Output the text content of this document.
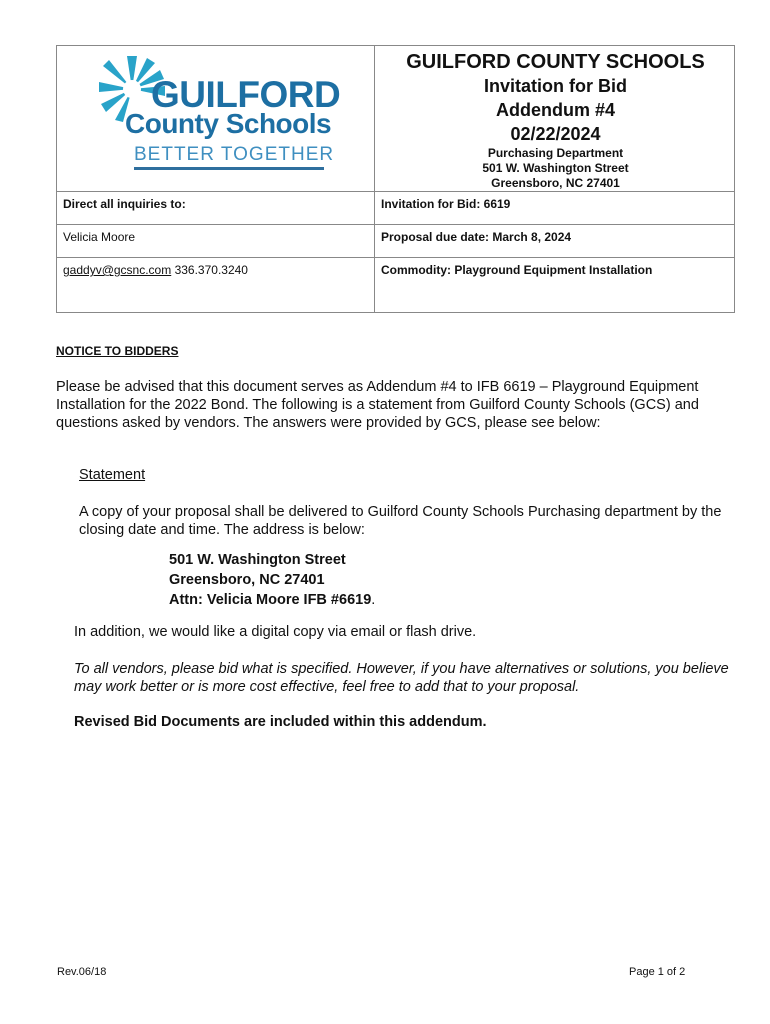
GUILFORD
County Schools
BETTER TOGETHER
GUILFORD COUNTY SCHOOLS
Invitation for Bid
Addendum #4
02/22/2024
Purchasing Department
501 W. Washington Street
Greensboro, NC 27401
Direct all inquiries to:	Invitation for Bid: 6619
Velicia Moore	Proposal due date: March 8, 2024
gaddyv@gcsnc.com 336.370.3240	Commodity: Playground Equipment Installation
NOTICE TO BIDDERS
Please be advised that this document serves as Addendum #4 to IFB 6619 – Playground Equipment Installation for the 2022 Bond. The following is a statement from Guilford County Schools (GCS) and questions asked by vendors. The answers were provided by GCS, please see below:
Statement
A copy of your proposal shall be delivered to Guilford County Schools Purchasing department by the closing date and time. The address is below:
501 W. Washington Street
Greensboro, NC 27401
Attn: Velicia Moore IFB #6619.
In addition, we would like a digital copy via email or flash drive.
To all vendors, please bid what is specified. However, if you have alternatives or solutions, you believe may work better or is more cost effective, feel free to add that to your proposal.
Revised Bid Documents are included within this addendum.
Rev.06/18	Page 1 of 2
